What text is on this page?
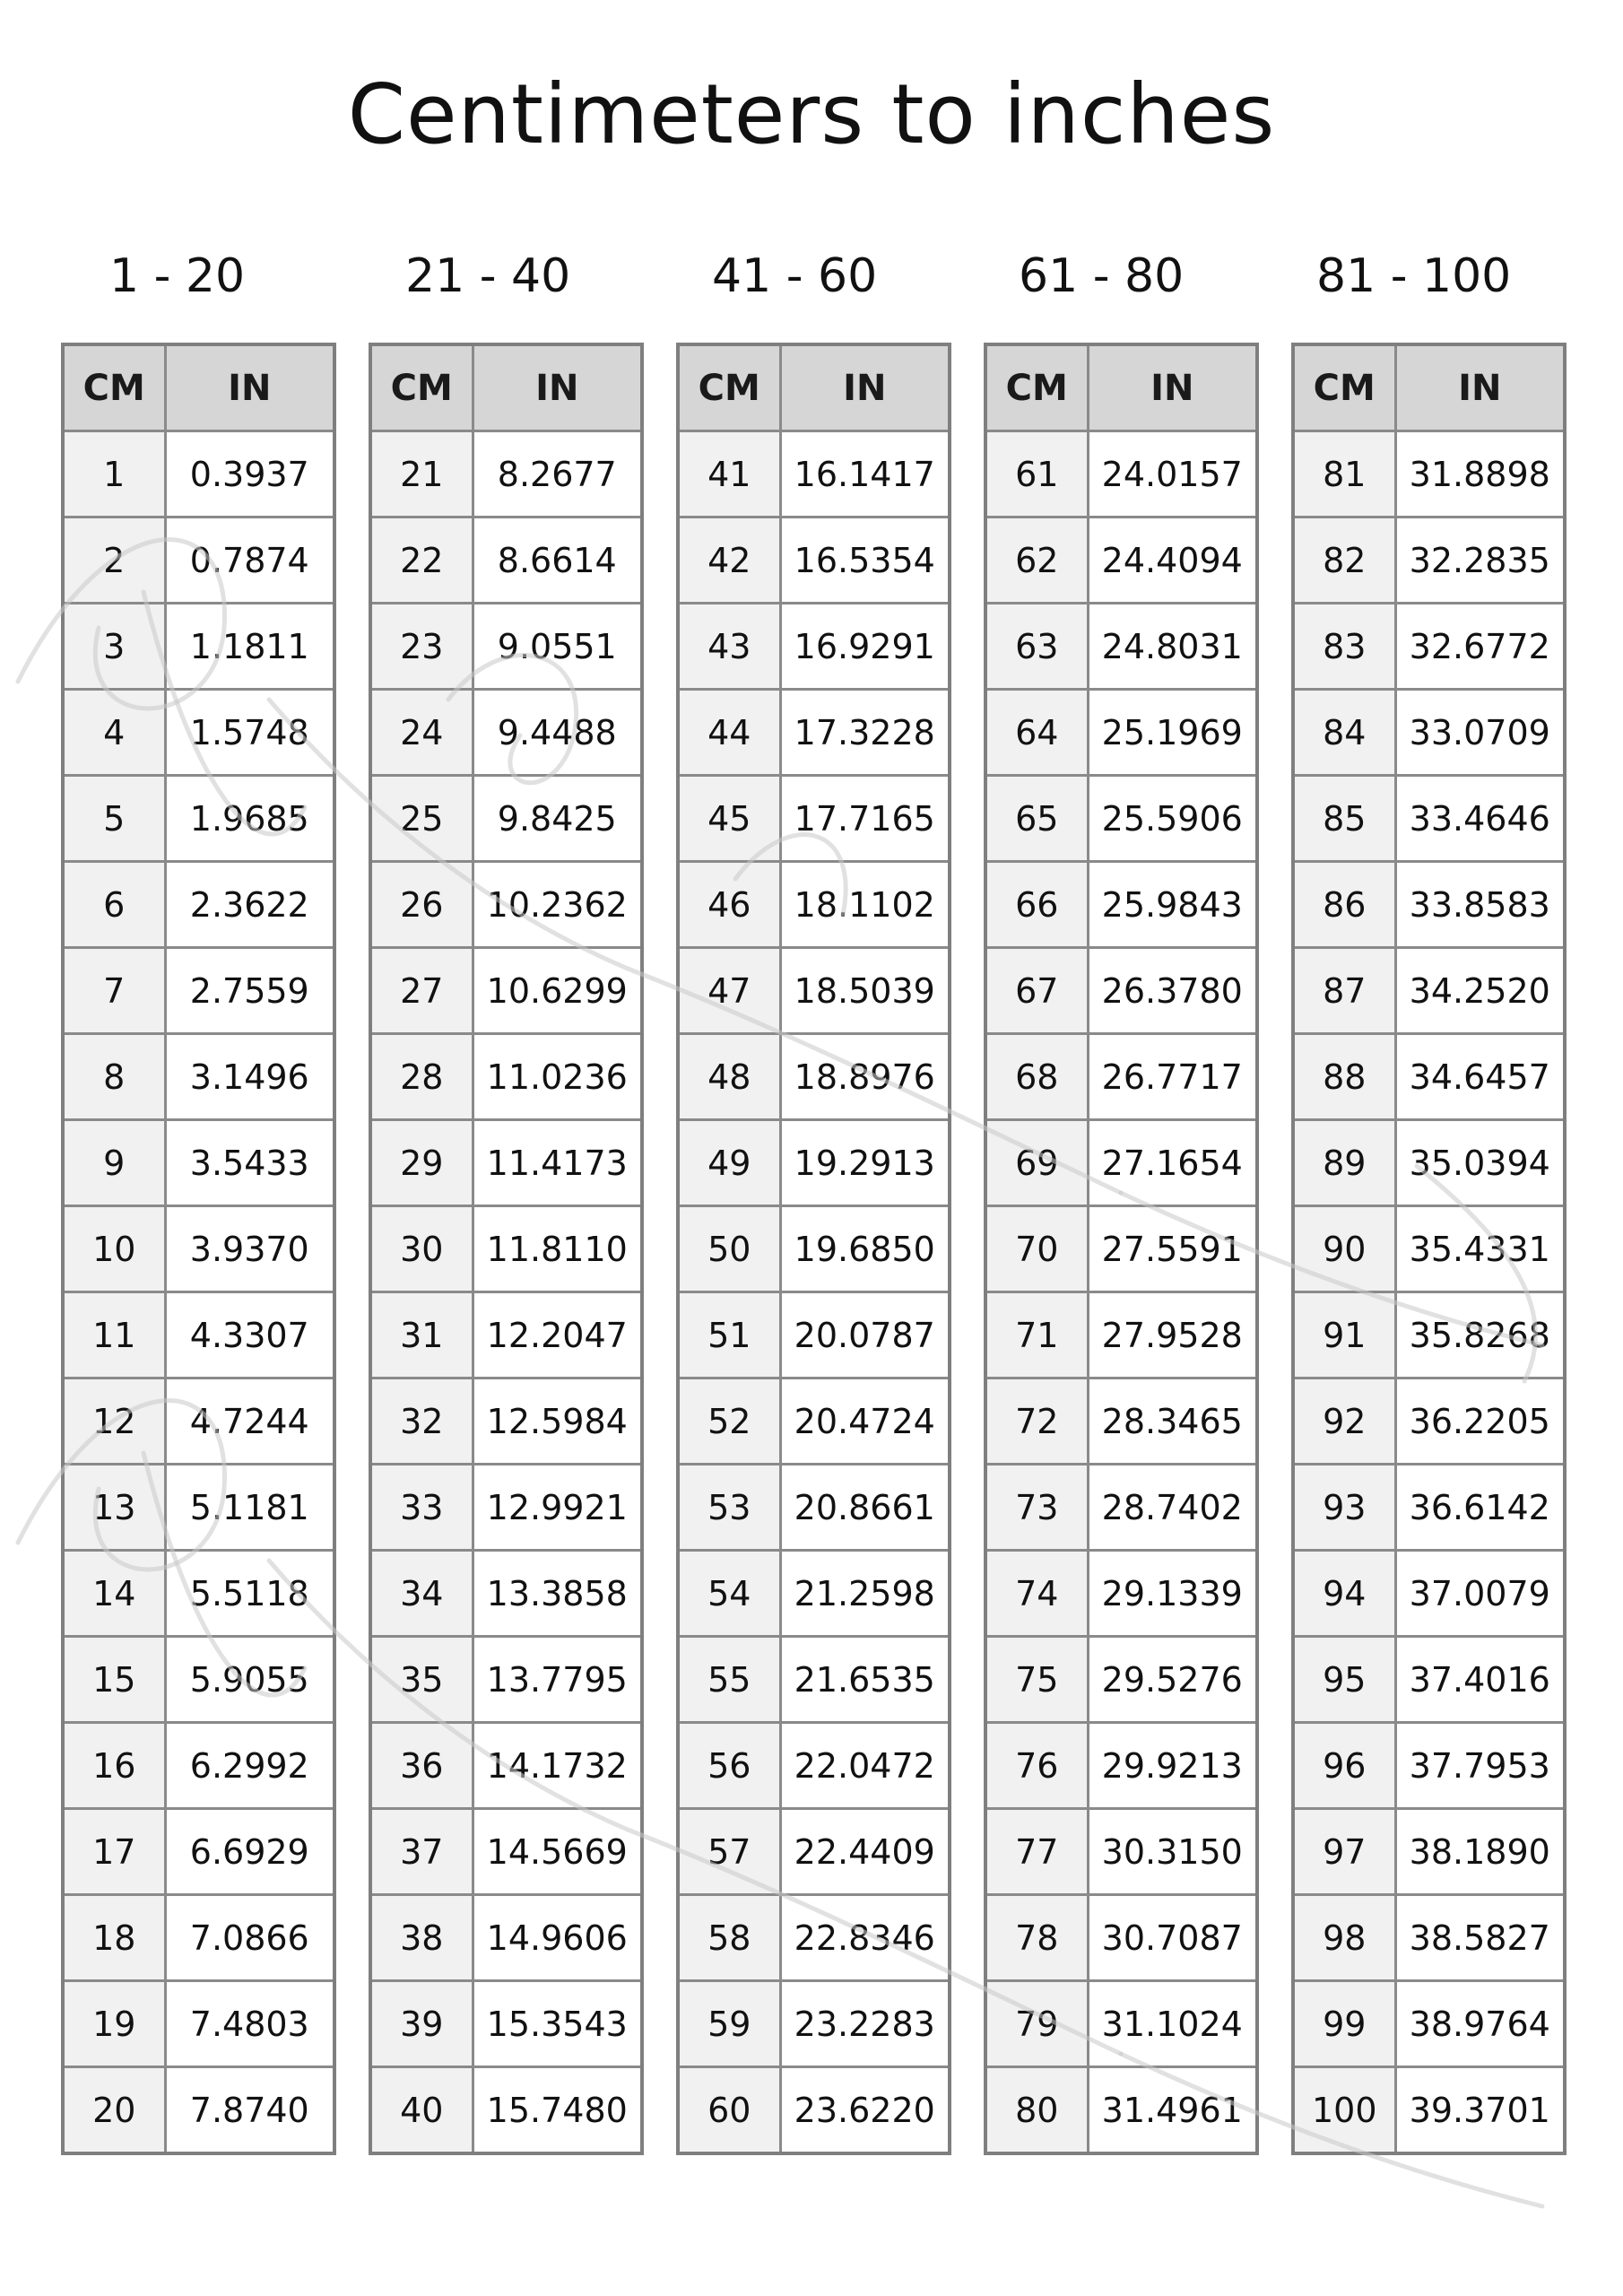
Centimeters to inches
1 - 20	21 - 40	41 - 60	61 - 80	81 - 100
CM	IN
1	0.3937
2	0.7874
3	1.1811
4	1.5748
5	1.9685
6	2.3622
7	2.7559
8	3.1496
9	3.5433
10	3.9370
11	4.3307
12	4.7244
13	5.1181
14	5.5118
15	5.9055
16	6.2992
17	6.6929
18	7.0866
19	7.4803
20	7.8740
CM	IN
21	8.2677
22	8.6614
23	9.0551
24	9.4488
25	9.8425
26	10.2362
27	10.6299
28	11.0236
29	11.4173
30	11.8110
31	12.2047
32	12.5984
33	12.9921
34	13.3858
35	13.7795
36	14.1732
37	14.5669
38	14.9606
39	15.3543
40	15.7480
CM	IN
41	16.1417
42	16.5354
43	16.9291
44	17.3228
45	17.7165
46	18.1102
47	18.5039
48	18.8976
49	19.2913
50	19.6850
51	20.0787
52	20.4724
53	20.8661
54	21.2598
55	21.6535
56	22.0472
57	22.4409
58	22.8346
59	23.2283
60	23.6220
CM	IN
61	24.0157
62	24.4094
63	24.8031
64	25.1969
65	25.5906
66	25.9843
67	26.3780
68	26.7717
69	27.1654
70	27.5591
71	27.9528
72	28.3465
73	28.7402
74	29.1339
75	29.5276
76	29.9213
77	30.3150
78	30.7087
79	31.1024
80	31.4961
CM	IN
81	31.8898
82	32.2835
83	32.6772
84	33.0709
85	33.4646
86	33.8583
87	34.2520
88	34.6457
89	35.0394
90	35.4331
91	35.8268
92	36.2205
93	36.6142
94	37.0079
95	37.4016
96	37.7953
97	38.1890
98	38.5827
99	38.9764
100	39.3701
